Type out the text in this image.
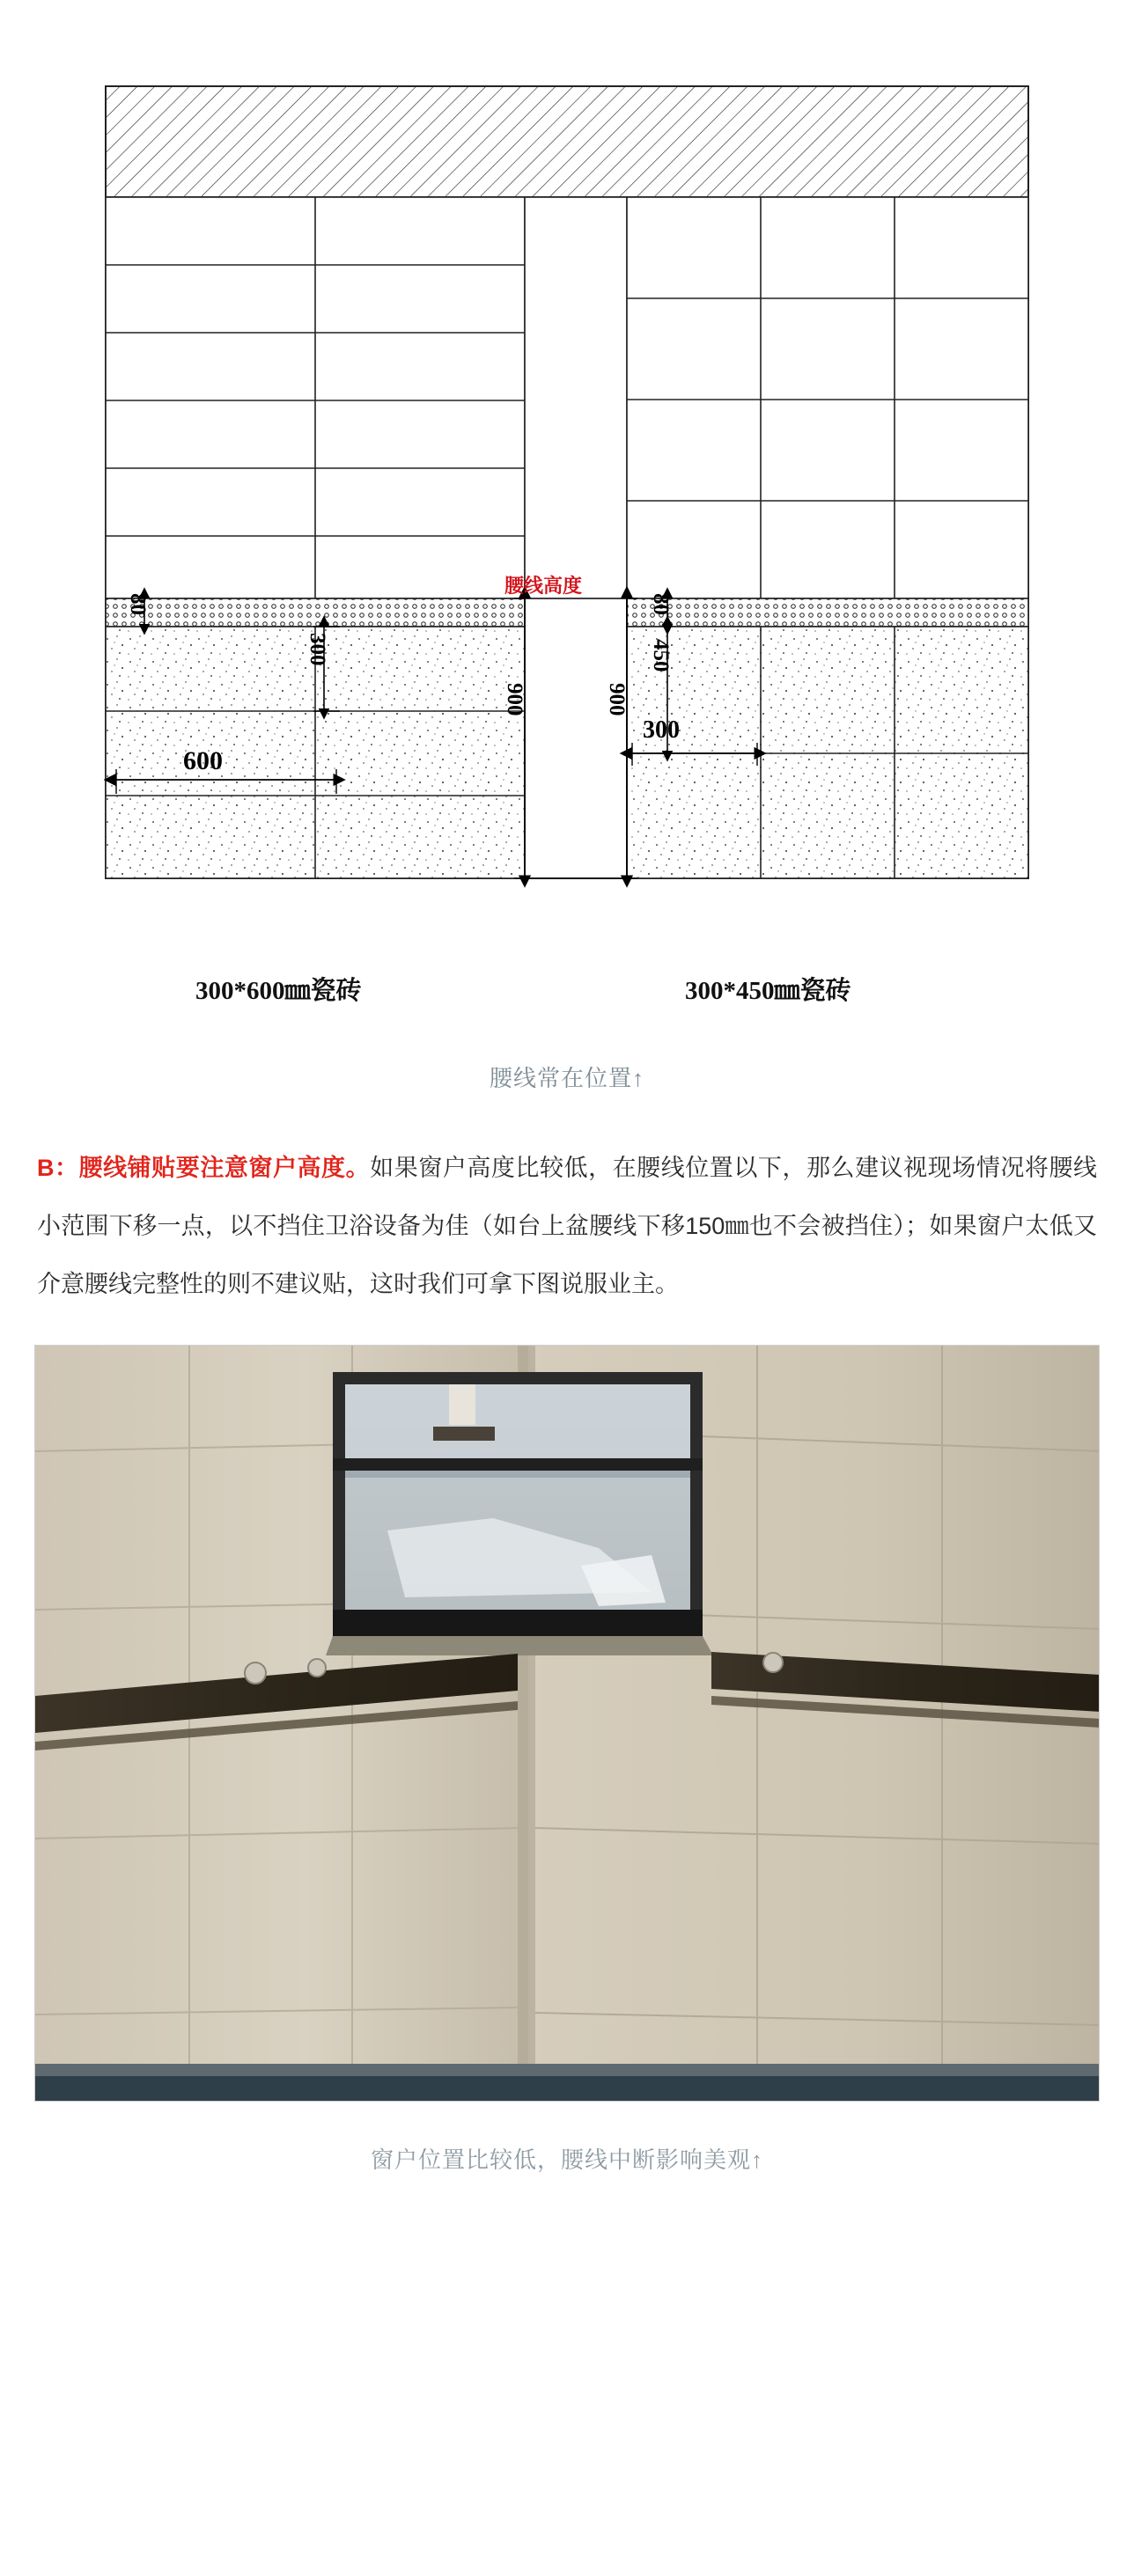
腰线高度
80
300
600
900	900
80
450
300
300*600㎜瓷砖	300*450㎜瓷砖
腰线常在位置↑

B：腰线铺贴要注意窗户高度。如果窗户高度比较低，在腰线位置以下，那么建议视现场情况将腰线小范围下移一点，以不挡住卫浴设备为佳（如台上盆腰线下移150㎜也不会被挡住）；如果窗户太低又介意腰线完整性的则不建议贴，这时我们可拿下图说服业主。

窗户位置比较低，腰线中断影响美观↑
